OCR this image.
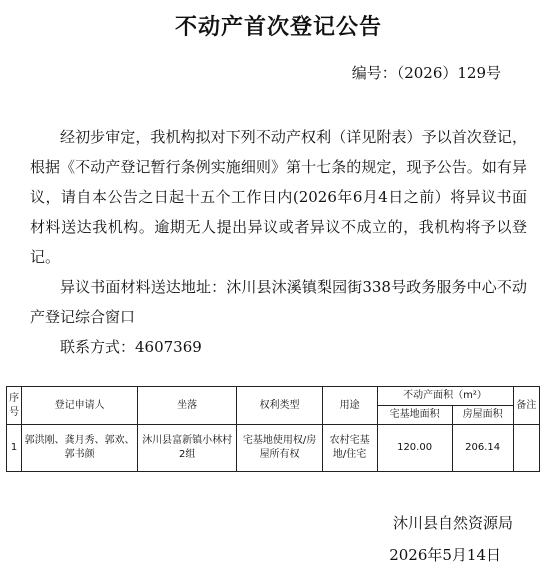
不动产首次登记公告
编号：（2026）129号

经初步审定，我机构拟对下列不动产权利（详见附表）予以首次登记，根据《不动产登记暂行条例实施细则》第十七条的规定，现予公告。如有异议，请自本公告之日起十五个工作日内(2026年6月4日之前）将异议书面材料送达我机构。逾期无人提出异议或者异议不成立的，我机构将予以登记。

异议书面材料送达地址：沐川县沐溪镇梨园街338号政务服务中心不动产登记综合窗口

联系方式：4607369

序号	登记申请人	坐落	权利类型	用途	不动产面积（m²）		备注
					宅基地面积	房屋面积	
1	郭洪刚、龚月秀、郭欢、郭书颜	沐川县富新镇小林村2组	宅基地使用权/房屋所有权	农村宅基地/住宅	120.00	206.14	
沐川县自然资源局
2026年5月14日
